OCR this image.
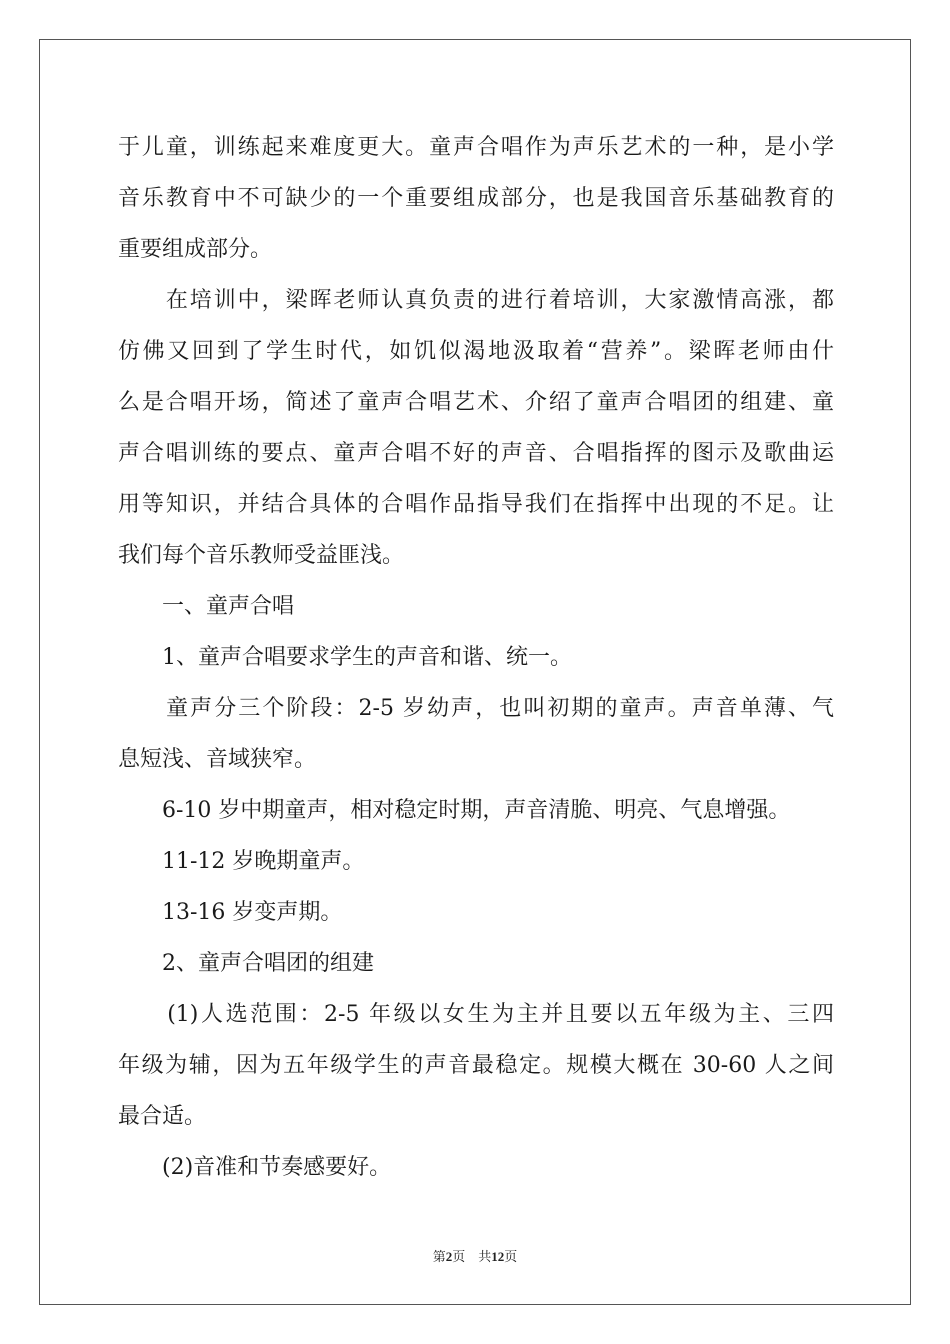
于儿童，训练起来难度更大。童声合唱作为声乐艺术的一种，是小学
音乐教育中不可缺少的一个重要组成部分，也是我国音乐基础教育的
重要组成部分。
　　在培训中，梁晖老师认真负责的进行着培训，大家激情高涨，都
仿佛又回到了学生时代，如饥似渴地汲取着“营养”。梁晖老师由什
么是合唱开场，简述了童声合唱艺术、介绍了童声合唱团的组建、童
声合唱训练的要点、童声合唱不好的声音、合唱指挥的图示及歌曲运
用等知识，并结合具体的合唱作品指导我们在指挥中出现的不足。让
我们每个音乐教师受益匪浅。
　　一、童声合唱
　　1、童声合唱要求学生的声音和谐、统一。
　　童声分三个阶段：2-5 岁幼声，也叫初期的童声。声音单薄、气
息短浅、音域狭窄。
　　6-10 岁中期童声，相对稳定时期，声音清脆、明亮、气息增强。
　　11-12 岁晚期童声。
　　13-16 岁变声期。
　　2、童声合唱团的组建
　　(1)人选范围：2-5 年级以女生为主并且要以五年级为主、三四
年级为辅，因为五年级学生的声音最稳定。规模大概在 30-60 人之间
最合适。
　　(2)音准和节奏感要好。
第2页　共12页
